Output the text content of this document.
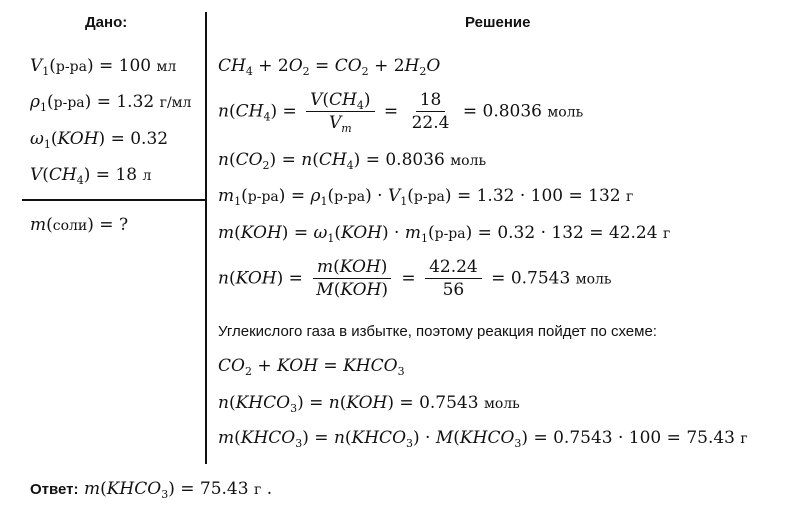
Дано:	Решение
$V_1(р-ра) = 100$ мл
$\rho_1(р-ра) = 1.32$ г/мл
$\omega_1(KOH) = 0.32$
$V(CH_4) = 18$ л
m(соли) = ?
$CH_4 + 2O_2 = CO_2 + 2H_2O$
$n(CH_4) = \frac{V(CH_4)}{V_m} = \frac{18}{22.4} = 0.8036$ моль
$n(CO_2) = n(CH_4) = 0.8036$ моль
$m_1(р-ра) = \rho_1(р-ра) \cdot V_1(р-ра) = 1.32 \cdot 100 = 132$ г
$m(KOH) = \omega_1(KOH) \cdot m_1(р-ра) = 0.32 \cdot 132 = 42.24$ г
$n(KOH) = \frac{\text{m(KOH)}}{\text{M(KOH)}} = \frac{42.24}{56} = 0.7543$ моль
Углекислого газа в избытке, поэтому реакция пойдет по схеме:
$CO_2$ + KOH = $KHCO_3$
$n(KHCO_3) = n(KOH) = 0.7543$ моль
$m(KHCO_3)$ = $n(KHCO_3)$ · $M(KHCO_3) = 0.7543 \cdot 100 = 75.43$ г
Ответ: $m(KHCO_3) = 75.43$ г .
